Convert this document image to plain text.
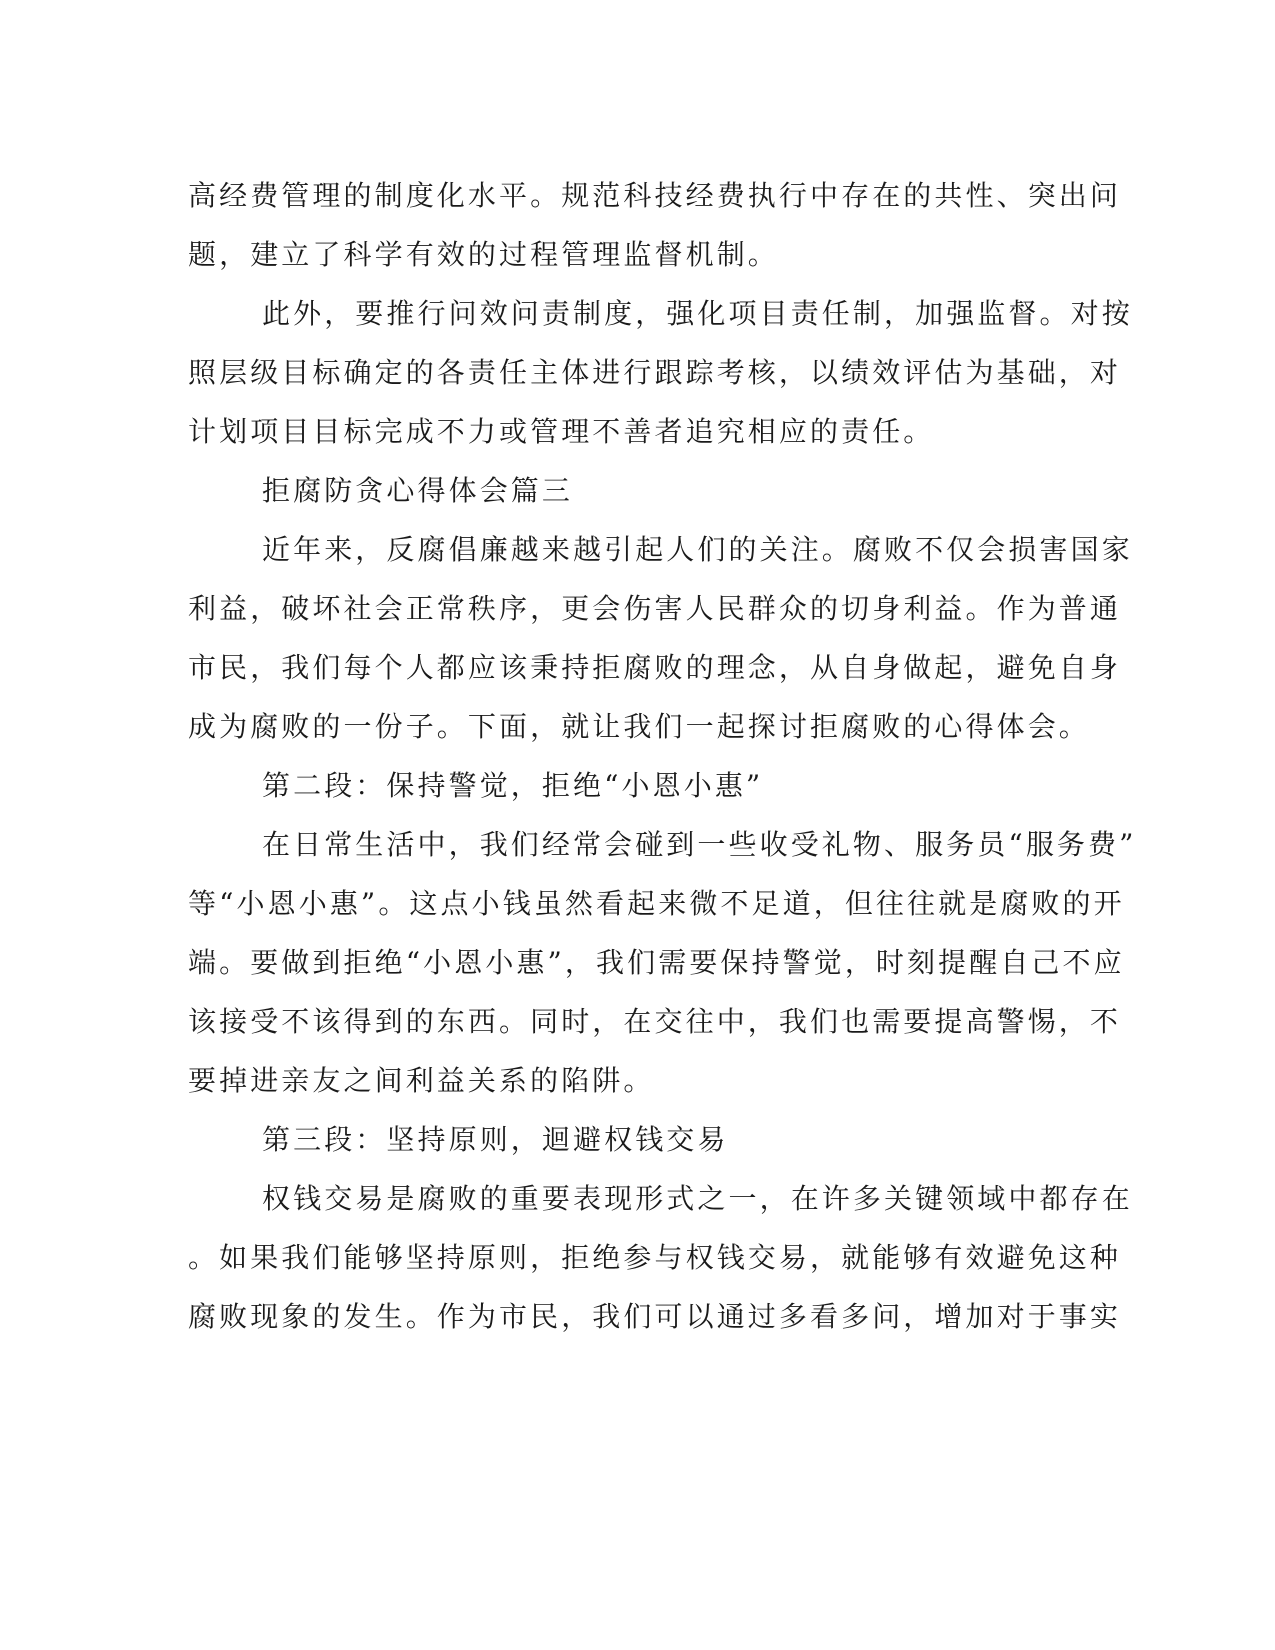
高经费管理的制度化水平。规范科技经费执行中存在的共性、突出问
题，建立了科学有效的过程管理监督机制。
此外，要推行问效问责制度，强化项目责任制，加强监督。对按
照层级目标确定的各责任主体进行跟踪考核，以绩效评估为基础，对
计划项目目标完成不力或管理不善者追究相应的责任。
拒腐防贪心得体会篇三
近年来，反腐倡廉越来越引起人们的关注。腐败不仅会损害国家
利益，破坏社会正常秩序，更会伤害人民群众的切身利益。作为普通
市民，我们每个人都应该秉持拒腐败的理念，从自身做起，避免自身
成为腐败的一份子。下面，就让我们一起探讨拒腐败的心得体会。
第二段：保持警觉，拒绝“小恩小惠”
在日常生活中，我们经常会碰到一些收受礼物、服务员“服务费”
等“小恩小惠”。这点小钱虽然看起来微不足道，但往往就是腐败的开
端。要做到拒绝“小恩小惠”，我们需要保持警觉，时刻提醒自己不应
该接受不该得到的东西。同时，在交往中，我们也需要提高警惕，不
要掉进亲友之间利益关系的陷阱。
第三段：坚持原则，迴避权钱交易
权钱交易是腐败的重要表现形式之一，在许多关键领域中都存在
。如果我们能够坚持原则，拒绝参与权钱交易，就能够有效避免这种
腐败现象的发生。作为市民，我们可以通过多看多问，增加对于事实
